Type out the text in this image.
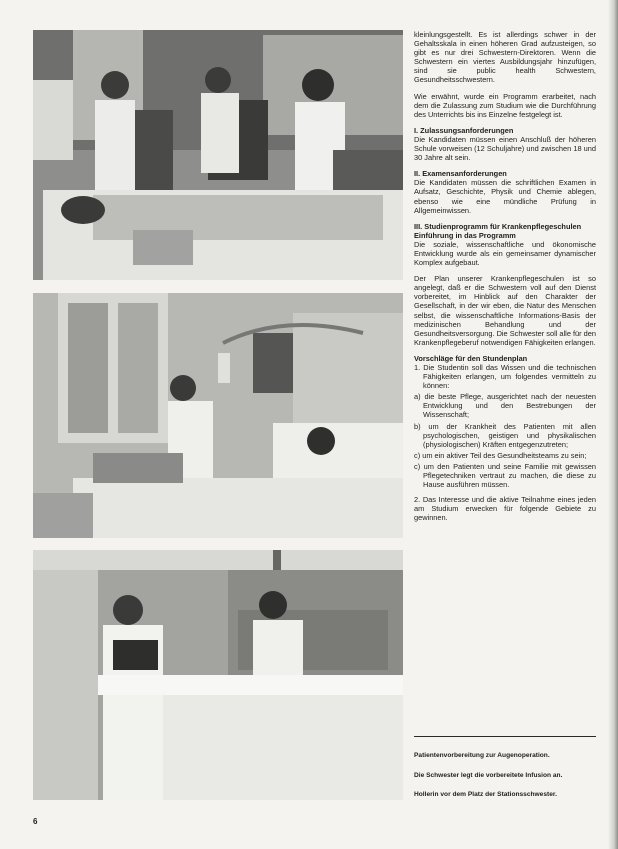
kleinlungsgestellt. Es ist allerdings schwer in der Gehaltsskala in einen höheren Grad aufzusteigen, so gibt es nur drei Schwestern-Direktoren. Wenn die Schwestern ein viertes Ausbildungsjahr hinzufügen, sind sie public health Schwestern, Gesundheitsschwestern.

Wie erwähnt, wurde ein Programm erarbeitet, nach dem die Zulassung zum Studium wie die Durchführung des Unterrichts bis ins Einzelne festgelegt ist.

I. Zulassungsanforderungen

Die Kandidaten müssen einen Anschluß der höheren Schule vorweisen (12 Schuljahre) und zwischen 18 und 30 Jahre alt sein.

II. Examensanforderungen

Die Kandidaten müssen die schriftlichen Examen in Aufsatz, Geschichte, Physik und Chemie ablegen, ebenso wie eine mündliche Prüfung in Allgemeinwissen.

III. Studienprogramm für Krankenpflegeschulen

Einführung in das Programm

Die soziale, wissenschaftliche und ökonomische Entwicklung wurde als ein gemeinsamer dynamischer Komplex aufgebaut.

Der Plan unserer Krankenpflegeschulen ist so angelegt, daß er die Schwestern voll auf den Dienst vorbereitet, im Hinblick auf den Charakter der Gesellschaft, in der wir eben, die Natur des Menschen selbst, die wissenschaftliche Informations-Basis der medizinischen Behandlung und der Gesundheitsversorgung. Die Schwester soll alle für den Krankenpflegeberuf notwendigen Fähigkeiten erlangen.

Vorschläge für den Stundenplan

1. Die Studentin soll das Wissen und die technischen Fähigkeiten erlangen, um folgendes vermitteln zu können:
a) die beste Pflege, ausgerichtet nach der neuesten Entwicklung und den Bestrebungen der Wissenschaft;
b) um der Krankheit des Patienten mit allen psychologischen, geistigen und physikalischen (physiologischen) Kräften entgegenzutreten;
c) um ein aktiver Teil des Gesundheitsteams zu sein;
c) um den Patienten und seine Familie mit gewissen Pflegetechniken vertraut zu machen, die diese zu Hause ausführen müssen.

2. Das Interesse und die aktive Teilnahme eines jeden am Studium erwecken für folgende Gebiete zu gewinnen.

Patientenvorbereitung zur Augenoperation.
Die Schwester legt die vorbereitete Infusion an.
Hollerin vor dem Platz der Stationsschwester.
6
